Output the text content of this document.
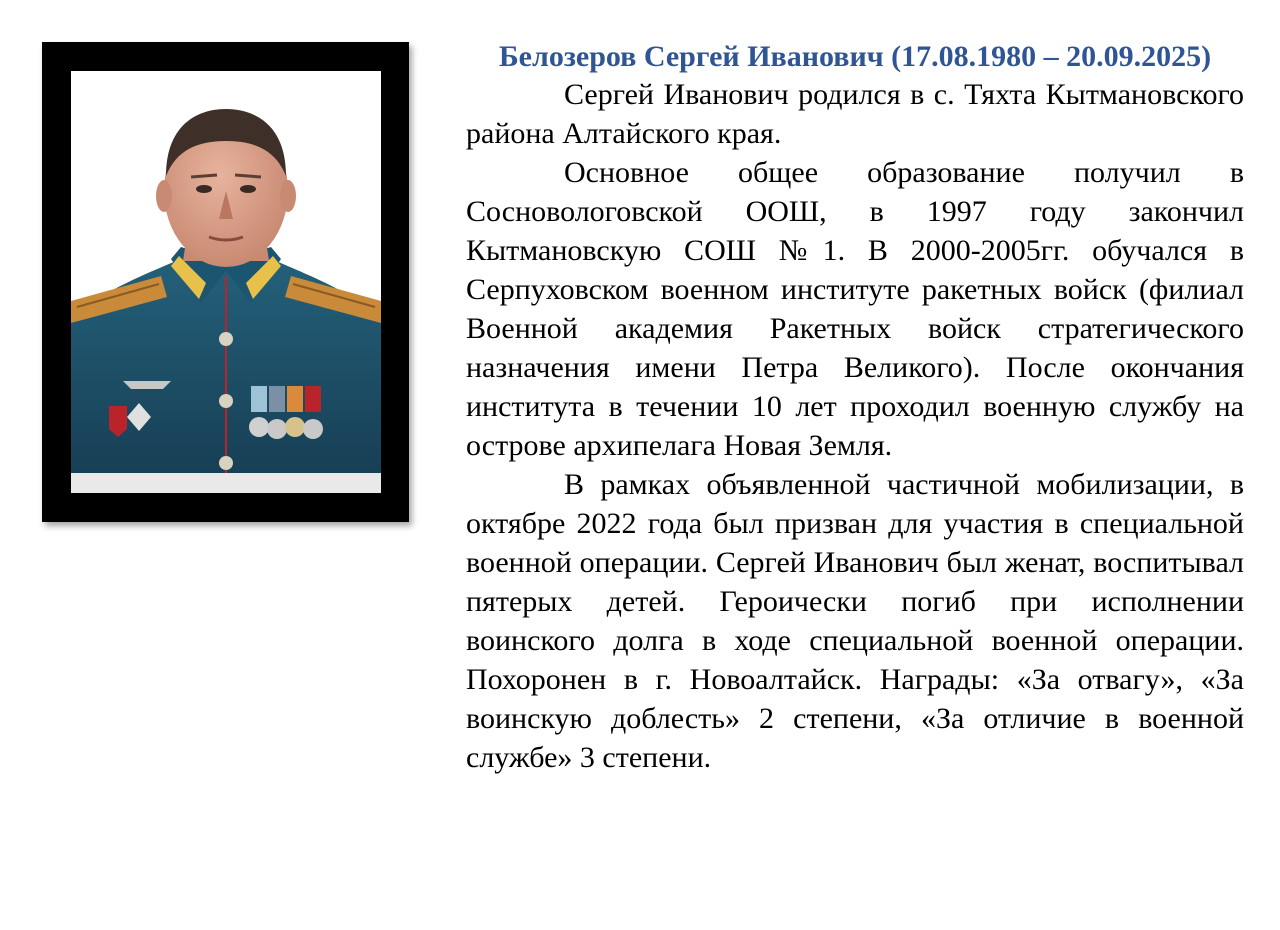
Белозеров Сергей Иванович (17.08.1980 – 20.09.2025)

Сергей Иванович родился в с. Тяхта Кытмановского района Алтайского края.

Основное общее образование получил в Сосновологовской ООШ, в 1997 году закончил Кытмановскую СОШ №1. В 2000-2005гг. обучался в Серпуховском военном институте ракетных войск (филиал Военной академия Ракетных войск стратегического назначения имени Петра Великого). После окончания института в течении 10 лет проходил военную службу на острове архипелага Новая Земля.

В рамках объявленной частичной мобилизации, в октябре 2022 года был призван для участия в специальной военной операции. Сергей Иванович был женат, воспитывал пятерых детей. Героически погиб при исполнении воинского долга в ходе специальной военной операции. Похоронен в г. Новоалтайск. Награды: «За отвагу», «За воинскую доблесть» 2 степени, «За отличие в военной службе» 3 степени.
